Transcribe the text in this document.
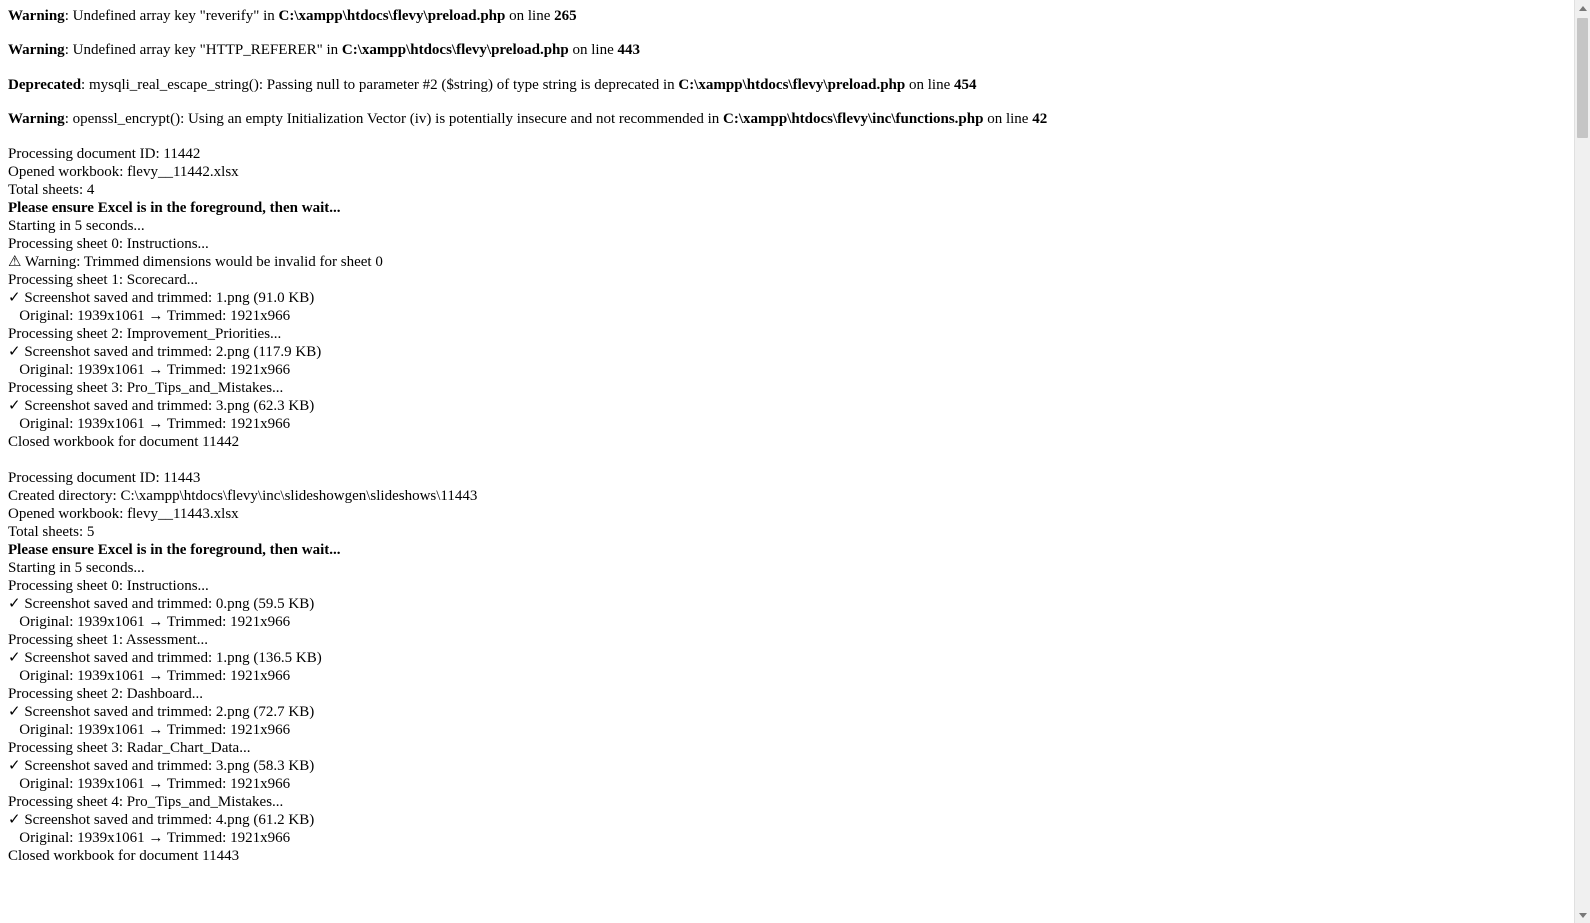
Warning: Undefined array key "reverify" in C:\xampp\htdocs\flevy\preload.php on line 265
Warning: Undefined array key "HTTP_REFERER" in C:\xampp\htdocs\flevy\preload.php on line 443
Deprecated: mysqli_real_escape_string(): Passing null to parameter #2 ($string) of type string is deprecated in C:\xampp\htdocs\flevy\preload.php on line 454
Warning: openssl_encrypt(): Using an empty Initialization Vector (iv) is potentially insecure and not recommended in C:\xampp\htdocs\flevy\inc\functions.php on line 42
Processing document ID: 11442
Opened workbook: flevy__11442.xlsx
Total sheets: 4
Please ensure Excel is in the foreground, then wait...
Starting in 5 seconds...
Processing sheet 0: Instructions...
⚠ Warning: Trimmed dimensions would be invalid for sheet 0
Processing sheet 1: Scorecard...
✓ Screenshot saved and trimmed: 1.png (91.0 KB)
Original: 1939x1061 → Trimmed: 1921x966
Processing sheet 2: Improvement_Priorities...
✓ Screenshot saved and trimmed: 2.png (117.9 KB)
Original: 1939x1061 → Trimmed: 1921x966
Processing sheet 3: Pro_Tips_and_Mistakes...
✓ Screenshot saved and trimmed: 3.png (62.3 KB)
Original: 1939x1061 → Trimmed: 1921x966
Closed workbook for document 11442

Processing document ID: 11443
Created directory: C:\xampp\htdocs\flevy\inc\slideshowgen\slideshows\11443
Opened workbook: flevy__11443.xlsx
Total sheets: 5
Please ensure Excel is in the foreground, then wait...
Starting in 5 seconds...
Processing sheet 0: Instructions...
✓ Screenshot saved and trimmed: 0.png (59.5 KB)
Original: 1939x1061 → Trimmed: 1921x966
Processing sheet 1: Assessment...
✓ Screenshot saved and trimmed: 1.png (136.5 KB)
Original: 1939x1061 → Trimmed: 1921x966
Processing sheet 2: Dashboard...
✓ Screenshot saved and trimmed: 2.png (72.7 KB)
Original: 1939x1061 → Trimmed: 1921x966
Processing sheet 3: Radar_Chart_Data...
✓ Screenshot saved and trimmed: 3.png (58.3 KB)
Original: 1939x1061 → Trimmed: 1921x966
Processing sheet 4: Pro_Tips_and_Mistakes...
✓ Screenshot saved and trimmed: 4.png (61.2 KB)
Original: 1939x1061 → Trimmed: 1921x966
Closed workbook for document 11443
